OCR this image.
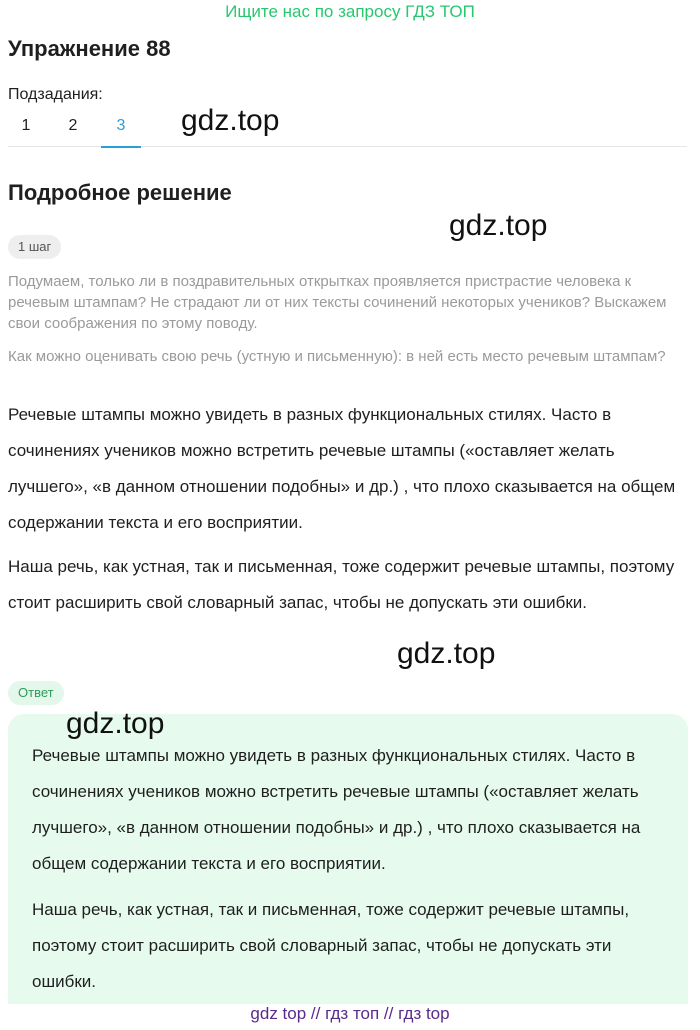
Ищите нас по запросу ГДЗ ТОП
Упражнение 88
Подзадания:
1	2	3	gdz.top
Подробное решение
gdz.top
1 шаг

Подумаем, только ли в поздравительных открытках проявляется пристрастие человека к речевым штампам? Не страдают ли от них тексты сочинений некоторых учеников? Выскажем свои соображения по этому поводу.

Как можно оценивать свою речь (устную и письменную): в ней есть место речевым штампам?

Речевые штампы можно увидеть в разных функциональных стилях. Часто в сочинениях учеников можно встретить речевые штампы («оставляет желать лучшего», «в данном отношении подобны» и др.) , что плохо сказывается на общем содержании текста и его восприятии.

Наша речь, как устная, так и письменная, тоже содержит речевые штампы, поэтому стоит расширить свой словарный запас, чтобы не допускать эти ошибки.

gdz.top
Ответ

Речевые штампы можно увидеть в разных функциональных стилях. Часто в сочинениях учеников можно встретить речевые штампы («оставляет желать лучшего», «в данном отношении подобны» и др.) , что плохо сказывается на общем содержании текста и его восприятии.

Наша речь, как устная, так и письменная, тоже содержит речевые штампы, поэтому стоит расширить свой словарный запас, чтобы не допускать эти ошибки.

gdz.top
gdz top // гдз топ // гдз top
